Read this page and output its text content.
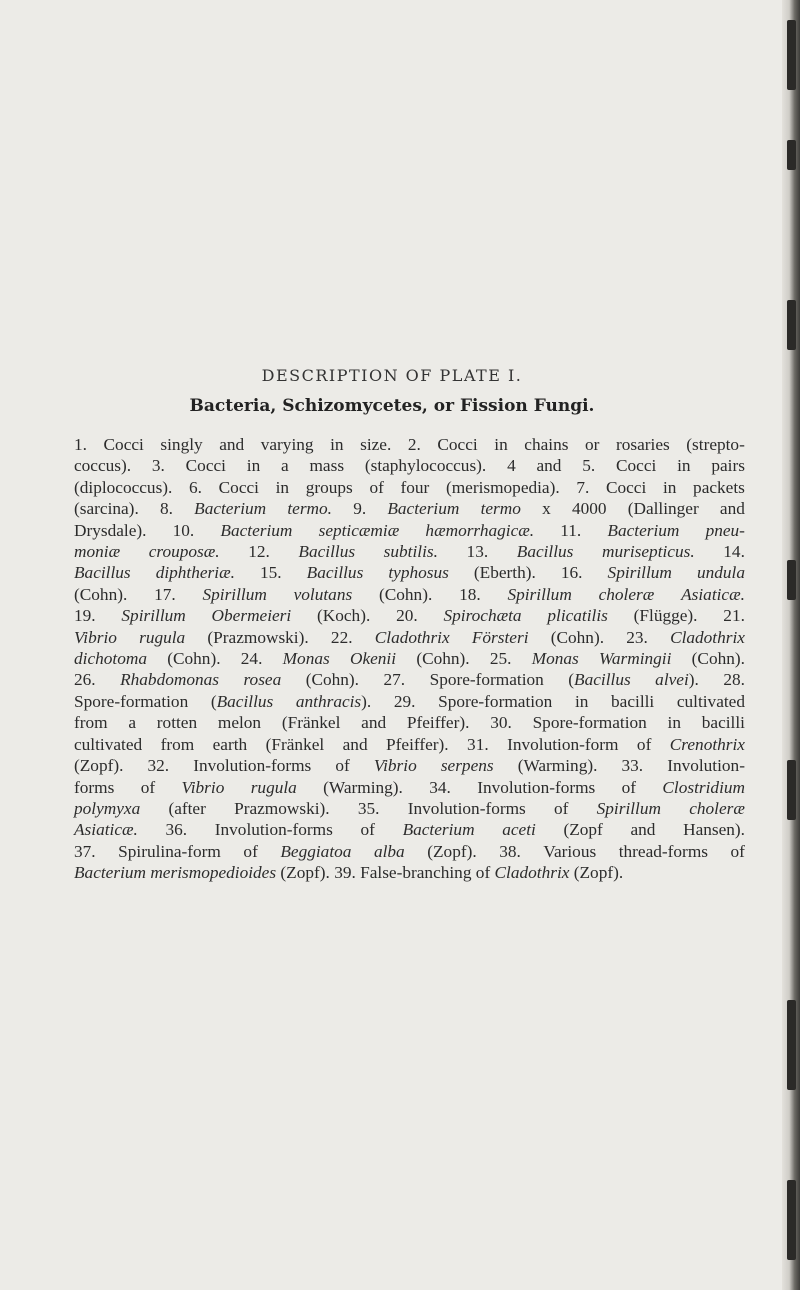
DESCRIPTION OF PLATE I.
Bacteria, Schizomycetes, or Fission Fungi.
1. Cocci singly and varying in size. 2. Cocci in chains or rosaries (strepto-
coccus). 3. Cocci in a mass (staphylococcus). 4 and 5. Cocci in pairs
(diplococcus). 6. Cocci in groups of four (merismopedia). 7. Cocci in packets
(sarcina). 8. Bacterium termo. 9. Bacterium termo x 4000 (Dallinger and
Drysdale). 10. Bacterium septicæmiæ hæmorrhagicæ. 11. Bacterium pneu-
moniæ crouposæ. 12. Bacillus subtilis. 13. Bacillus murisepticus. 14.
Bacillus diphtheriæ. 15. Bacillus typhosus (Eberth). 16. Spirillum undula
(Cohn). 17. Spirillum volutans (Cohn). 18. Spirillum choleræ Asiaticæ.
19. Spirillum Obermeieri (Koch). 20. Spirochæta plicatilis (Flügge). 21.
Vibrio rugula (Prazmowski). 22. Cladothrix Försteri (Cohn). 23. Cladothrix
dichotoma (Cohn). 24. Monas Okenii (Cohn). 25. Monas Warmingii (Cohn).
26. Rhabdomonas rosea (Cohn). 27. Spore-formation (Bacillus alvei). 28.
Spore-formation (Bacillus anthracis). 29. Spore-formation in bacilli cultivated
from a rotten melon (Fränkel and Pfeiffer). 30. Spore-formation in bacilli
cultivated from earth (Fränkel and Pfeiffer). 31. Involution-form of Crenothrix
(Zopf). 32. Involution-forms of Vibrio serpens (Warming). 33. Involution-
forms of Vibrio rugula (Warming). 34. Involution-forms of Clostridium
polymyxa (after Prazmowski). 35. Involution-forms of Spirillum choleræ
Asiaticæ. 36. Involution-forms of Bacterium aceti (Zopf and Hansen).
37. Spirulina-form of Beggiatoa alba (Zopf). 38. Various thread-forms of
Bacterium merismopedioides (Zopf). 39. False-branching of Cladothrix (Zopf).
